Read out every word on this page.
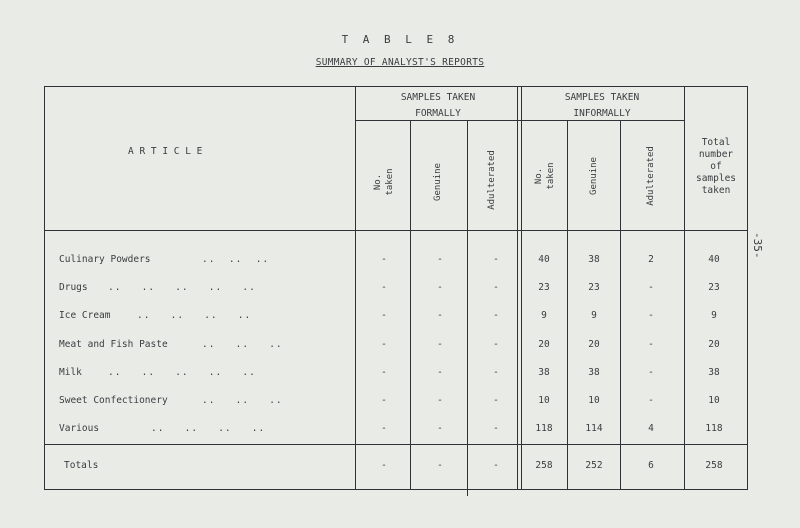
T A B L E 8
SUMMARY OF ANALYST'S REPORTS
-35-
A R T I C L E
SAMPLES TAKEN
FORMALLY
SAMPLES TAKEN
INFORMALLY
Total
number
of
samples
taken
No. taken	Genuine	Adulterated	No. taken	Genuine	Adulterated
Culinary Powders	..  ..  ..	-	-	-	40	38	2	40
Drugs ..   ..   ..   ..   ..	-	-	-	23	23	-	23
Ice Cream	..   ..   ..   ..	-	-	-	9	9	-	9
Meat and Fish Paste	..   ..   ..	-	-	-	20	20	-	20
Milk	..   ..   ..   ..   ..	-	-	-	38	38	-	38
Sweet Confectionery	..   ..   ..	-	-	-	10	10	-	10
Various	..   ..   ..   ..	-	-	-	118	114	4	118
Totals	-	-	-	258	252	6	258
